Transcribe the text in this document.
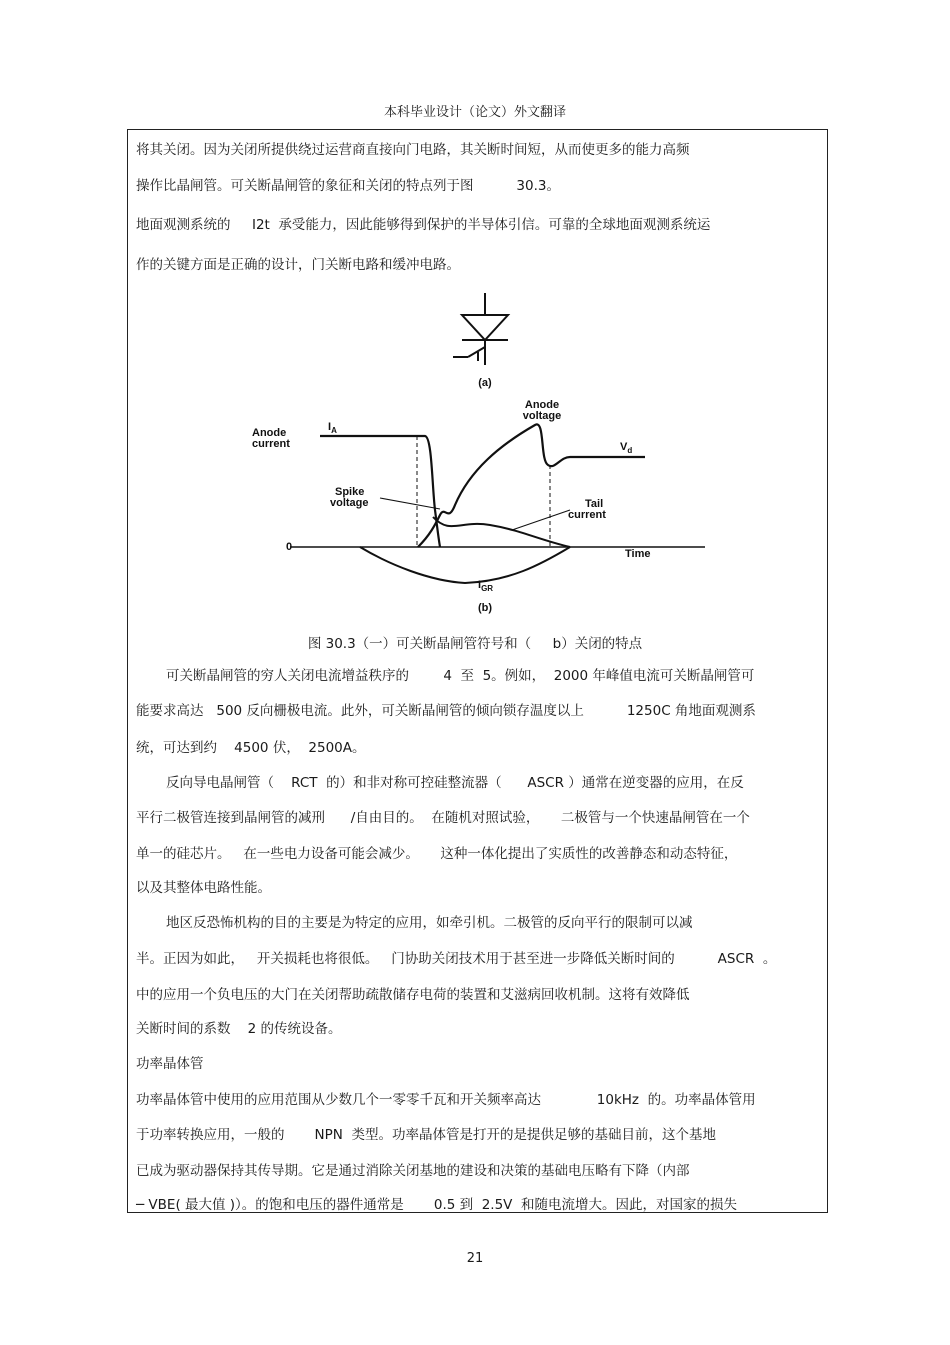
本科毕业设计（论文）外文翻译
将其关闭。因为关闭所提供绕过运营商直接向门电路，其关断时间短，从而使更多的能力高频
操作比晶闸管。可关断晶闸管的象征和关闭的特点列于图          30.3。
地面观测系统的     I2t  承受能力，因此能够得到保护的半导体引信。可靠的全球地面观测系统运
作的关键方面是正确的设计，门关断电路和缓冲电路。
(a)
Anode
current
$I_A$
Anode
voltage
$V_d$
Spike
voltage	Tail
current
0
Time
$I_{GR}$
(b)
图 30.3（一）可关断晶闸管符号和（     b）关闭的特点
可关断晶闸管的穷人关闭电流增益秩序的        4  至  5。例如，  2000 年峰值电流可关断晶闸管可
能要求高达   500 反向栅极电流。此外，可关断晶闸管的倾向锁存温度以上          1250C 角地面观测系
统，可达到约    4500 伏，  2500A。
反向导电晶闸管（    RCT  的）和非对称可控硅整流器（      ASCR ）通常在逆变器的应用，在反
平行二极管连接到晶闸管的减刑      /自由目的。  在随机对照试验，     二极管与一个快速晶闸管在一个
单一的硅芯片。   在一些电力设备可能会减少。     这种一体化提出了实质性的改善静态和动态特征，
以及其整体电路性能。
地区反恐怖机构的目的主要是为特定的应用，如牵引机。二极管的反向平行的限制可以减
半。正因为如此，   开关损耗也将很低。   门协助关闭技术用于甚至进一步降低关断时间的          ASCR  。
中的应用一个负电压的大门在关闭帮助疏散储存电荷的装置和艾滋病回收机制。这将有效降低
关断时间的系数    2 的传统设备。
功率晶体管
功率晶体管中使用的应用范围从少数几个一零零千瓦和开关频率高达             10kHz  的。功率晶体管用
于功率转换应用，一般的       NPN  类型。功率晶体管是打开的是提供足够的基础目前，这个基地
已成为驱动器保持其传导期。它是通过消除关闭基地的建设和决策的基础电压略有下降（内部
─ VBE( 最大值 )）。的饱和电压的器件通常是       0.5 到  2.5V  和随电流增大。因此，对国家的损失
21
